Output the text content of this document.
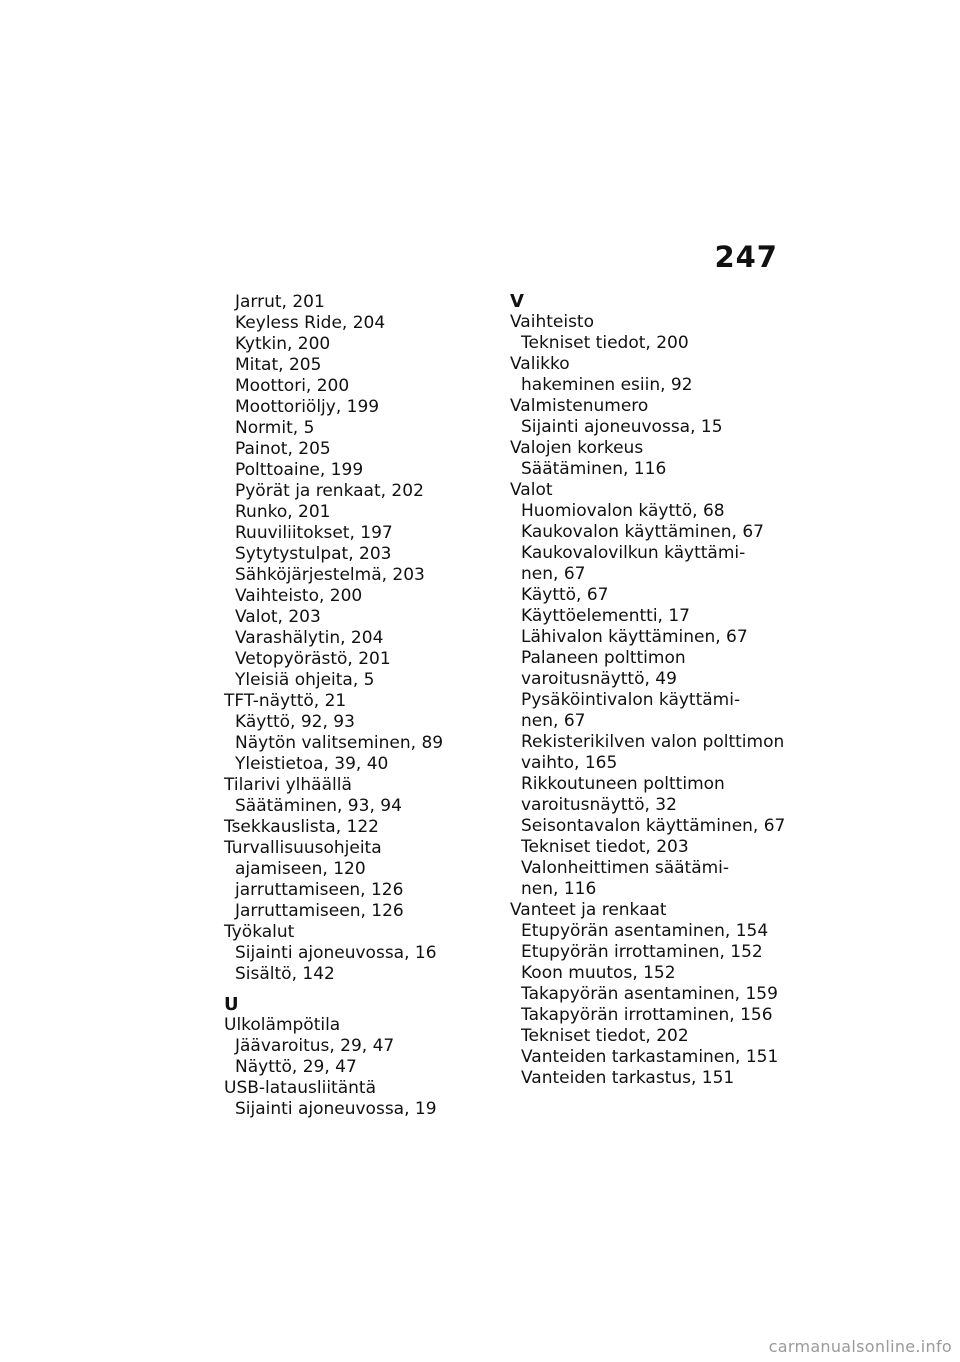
247
Jarrut, 201
Keyless Ride, 204
Kytkin, 200
Mitat, 205
Moottori, 200
Moottoriöljy, 199
Normit, 5
Painot, 205
Polttoaine, 199
Pyörät ja renkaat, 202
Runko, 201
Ruuviliitokset, 197
Sytytystulpat, 203
Sähköjärjestelmä, 203
Vaihteisto, 200
Valot, 203
Varashälytin, 204
Vetopyörästö, 201
Yleisiä ohjeita, 5
TFT-näyttö, 21
Käyttö, 92, 93
Näytön valitseminen, 89
Yleistietoa, 39, 40
Tilarivi ylhäällä
Säätäminen, 93, 94
Tsekkauslista, 122
Turvallisuusohjeita
ajamiseen, 120
jarruttamiseen, 126
Jarruttamiseen, 126
Työkalut
Sijainti ajoneuvossa, 16
Sisältö, 142
U
Ulkolämpötila
Jäävaroitus, 29, 47
Näyttö, 29, 47
USB-latausliitäntä
Sijainti ajoneuvossa, 19
V
Vaihteisto
Tekniset tiedot, 200
Valikko
hakeminen esiin, 92
Valmistenumero
Sijainti ajoneuvossa, 15
Valojen korkeus
Säätäminen, 116
Valot
Huomiovalon käyttö, 68
Kaukovalon käyttäminen, 67
Kaukovalovilkun käyttämi-
nen, 67
Käyttö, 67
Käyttöelementti, 17
Lähivalon käyttäminen, 67
Palaneen polttimon
varoitusnäyttö, 49
Pysäköintivalon käyttämi-
nen, 67
Rekisterikilven valon polttimon
vaihto, 165
Rikkoutuneen polttimon
varoitusnäyttö, 32
Seisontavalon käyttäminen, 67
Tekniset tiedot, 203
Valonheittimen säätämi-
nen, 116
Vanteet ja renkaat
Etupyörän asentaminen, 154
Etupyörän irrottaminen, 152
Koon muutos, 152
Takapyörän asentaminen, 159
Takapyörän irrottaminen, 156
Tekniset tiedot, 202
Vanteiden tarkastaminen, 151
Vanteiden tarkastus, 151
carmanualsonline.info
